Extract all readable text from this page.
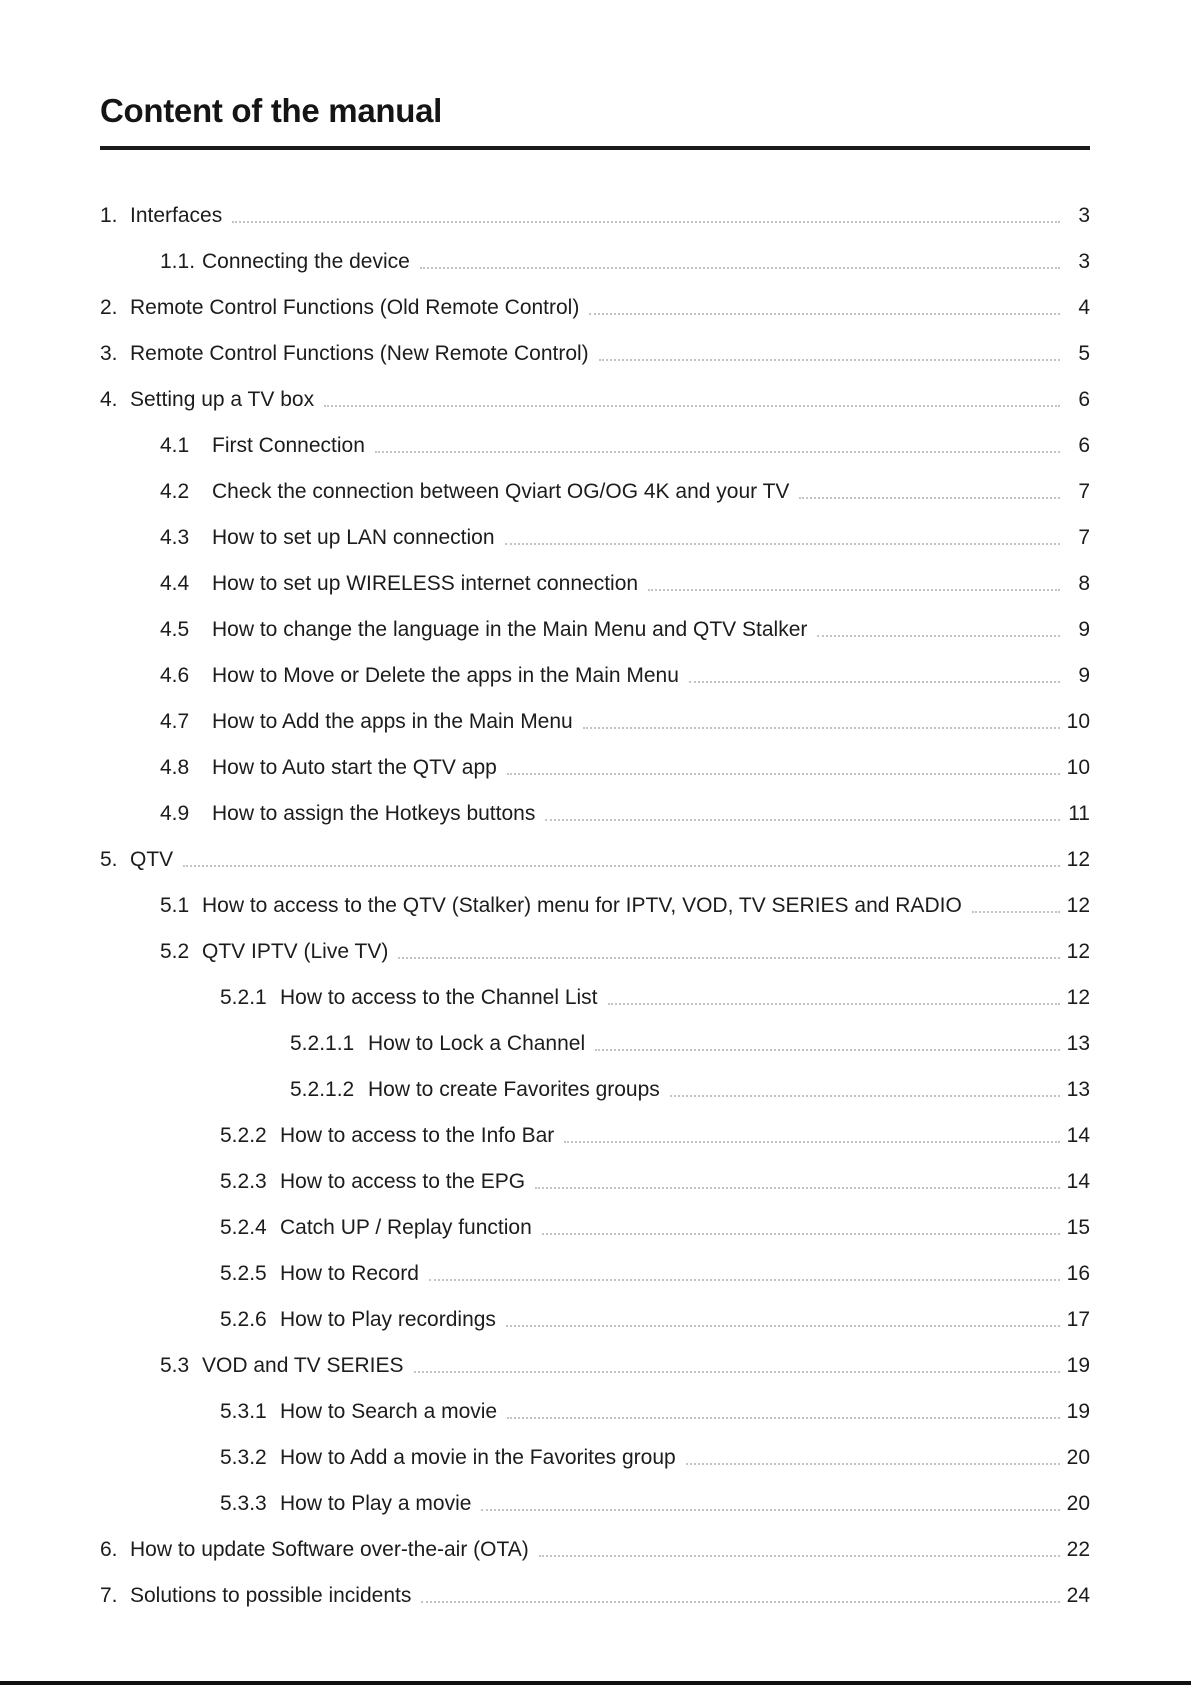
Content of the manual
1. Interfaces	3
1.1. Connecting the device	3
2. Remote Control Functions (Old Remote Control)	4
3. Remote Control Functions (New Remote Control)	5
4. Setting up a TV box	6
4.1	First Connection	6
4.2	Check the connection between Qviart OG/OG 4K and your TV	7
4.3	How to set up LAN connection	7
4.4	How to set up WIRELESS internet connection	8
4.5	How to change the language in the Main Menu and QTV Stalker	9
4.6	How to Move or Delete the apps in the Main Menu	9
4.7	How to Add the apps in the Main Menu	10
4.8	How to Auto start the QTV app	10
4.9	How to assign the Hotkeys buttons	11
5. QTV	12
5.1 How to access to the QTV (Stalker) menu for IPTV, VOD, TV SERIES and RADIO	12
5.2 QTV IPTV (Live TV)	12
5.2.1 How to access to the Channel List	12
5.2.1.1 How to Lock a Channel	13
5.2.1.2 How to create Favorites groups	13
5.2.2 How to access to the Info Bar	14
5.2.3 How to access to the EPG	14
5.2.4 Catch UP / Replay function	15
5.2.5 How to Record	16
5.2.6 How to Play recordings	17
5.3 VOD and TV SERIES	19
5.3.1 How to Search a movie	19
5.3.2 How to Add a movie in the Favorites group	20
5.3.3 How to Play a movie	20
6. How to update Software over-the-air (OTA)	22
7. Solutions to possible incidents	24
